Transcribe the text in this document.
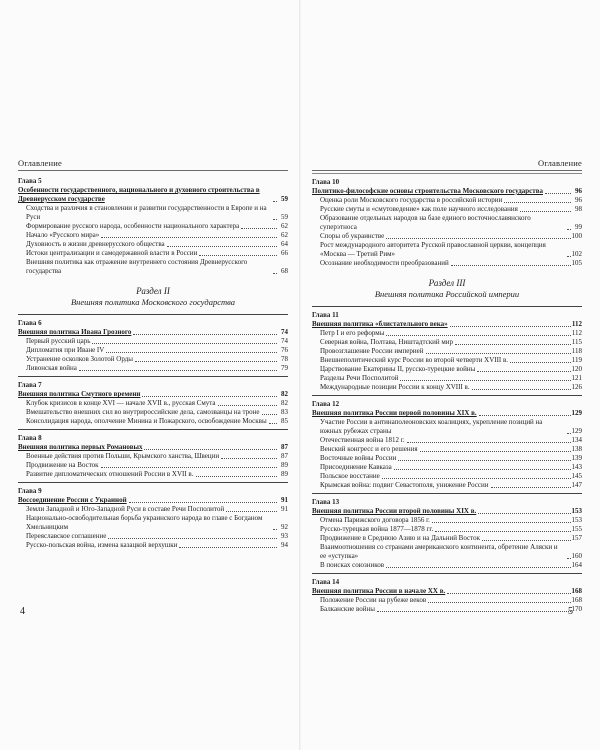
Оглавление
Глава 5
Особенности государственного, национального и духовного строительства в Древнерусском государстве	59
Сходства и различия в становлении и развитии государственности в Европе и на Руси	59
Формирование русского народа, особенности национального характера	62
Начало «Русского мира»	62
Духовность в жизни древнерусского общества	64
Истоки централизации и самодержавной власти в России	66
Внешняя политика как отражение внутреннего состояния Древнерусского государства	68
Раздел II
Внешняя политика Московского государства
Глава 6
Внешняя политика Ивана Грозного	74
Первый русский царь	74
Дипломатия при Иване IV	76
Устранение осколков Золотой Орды	78
Ливонская война	79
Глава 7
Внешняя политика Смутного времени	82
Клубок кризисов в конце XVI — начале XVII в., русская Смута	82
Вмешательство внешних сил во внутрироссийские дела, самозванцы на троне	83
Консолидация народа, ополчение Минина и Пожарского, освобождение Москвы	85
Глава 8
Внешняя политика первых Романовых	87
Военные действия против Польши, Крымского ханства, Швеции	87
Продвижение на Восток	89
Развитие дипломатических отношений России в XVII в.	89
Глава 9
Воссоединение России с Украиной	91
Земли Западной и Юго-Западной Руси в составе Речи Посполитой	91
Национально-освободительная борьба украинского народа во главе с Богданом Хмельницким	92
Переяславское соглашение	93
Русско-польская война, измена казацкой верхушки	94
Оглавление
Глава 10
Политико-философские основы строительства Московского государства	96
Оценка роли Московского государства в российской истории	96
Русские смуты и «смутоведение» как поле научного исследования	98
Образование отдельных народов на базе единого восточнославянского суперэтноса	99
Споры об украинстве	100
Рост международного авторитета Русской православной церкви, концепция «Москва — Третий Рим»	102
Осознание необходимости преобразований	105
Раздел III
Внешняя политика Российской империи
Глава 11
Внешняя политика «блистательного века»	112
Петр I и его реформы	112
Северная война, Полтава, Ништадтский мир	115
Провозглашение России империей	118
Внешнеполитический курс России во второй четверти XVIII в.	119
Царствование Екатерины II, русско-турецкие войны	120
Разделы Речи Посполитой	121
Международные позиции России к концу XVIII в.	126
Глава 12
Внешняя политика России первой половины XIX в.	129
Участие России в антинаполеоновских коалициях, укрепление позиций на южных рубежах страны	129
Отечественная война 1812 г.	134
Венский конгресс и его решения	138
Восточные войны России	139
Присоединение Кавказа	143
Польское восстание	145
Крымская война: подвиг Севастополя, унижение России	147
Глава 13
Внешняя политика России второй половины XIX в.	153
Отмена Парижского договора 1856 г.	153
Русско-турецкая война 1877—1878 гг.	155
Продвижение в Среднюю Азию и на Дальний Восток	157
Взаимоотношения со странами американского континента, обретение Аляски и ее «уступка»	160
В поисках союзников	164
Глава 14
Внешняя политика России в начале XX в.	168
Положение России на рубеже веков	168
Балканские войны	170
4	5
